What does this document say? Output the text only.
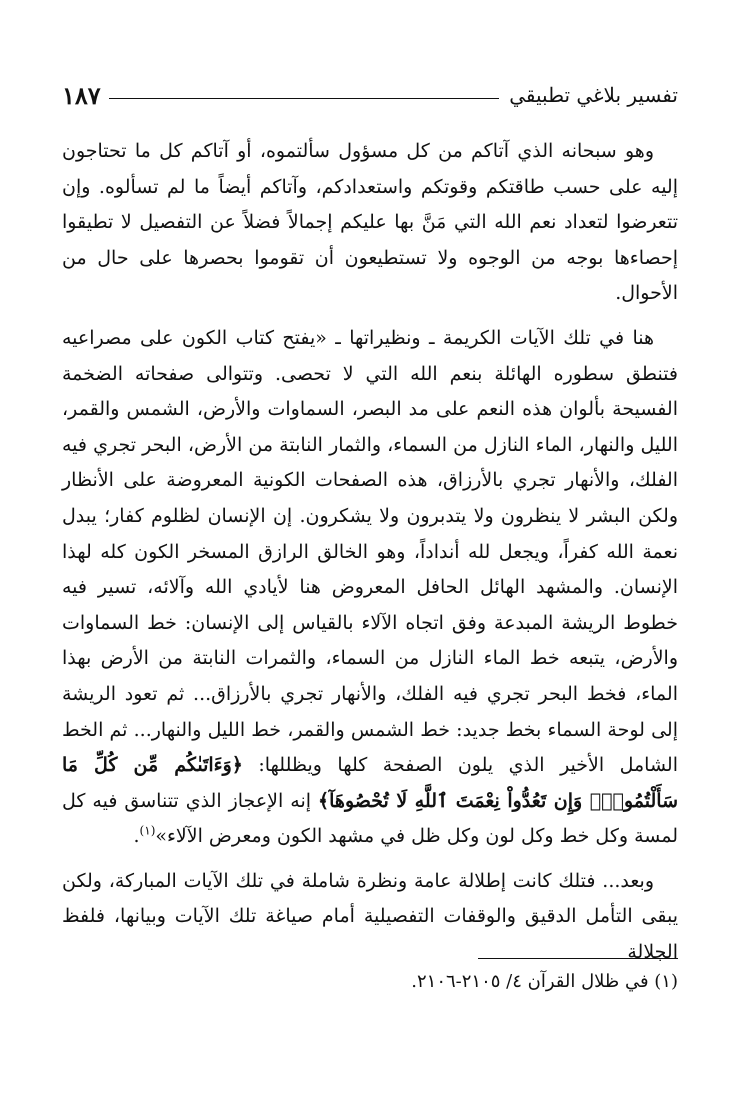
تفسير بلاغي تطبيقي
١٨٧

وهو سبحانه الذي آتاكم من كل مسؤول سألتموه، أو آتاكم كل ما تحتاجون إليه على حسب طاقتكم وقوتكم واستعدادكم، وآتاكم أيضاً ما لم تسألوه. وإن تتعرضوا لتعداد نعم الله التي مَنَّ بها عليكم إجمالاً فضلاً عن التفصيل لا تطيقوا إحصاءها بوجه من الوجوه ولا تستطيعون أن تقوموا بحصرها على حال من الأحوال.

هنا في تلك الآيات الكريمة ـ ونظيراتها ـ «يفتح كتاب الكون على مصراعيه فتنطق سطوره الهائلة بنعم الله التي لا تحصى. وتتوالى صفحاته الضخمة الفسيحة بألوان هذه النعم على مد البصر، السماوات والأرض، الشمس والقمر، الليل والنهار، الماء النازل من السماء، والثمار النابتة من الأرض، البحر تجري فيه الفلك، والأنهار تجري بالأرزاق، هذه الصفحات الكونية المعروضة على الأنظار ولكن البشر لا ينظرون ولا يتدبرون ولا يشكرون. إن الإنسان لظلوم كفار؛ يبدل نعمة الله كفراً، ويجعل لله أنداداً، وهو الخالق الرازق المسخر الكون كله لهذا الإنسان. والمشهد الهائل الحافل المعروض هنا لأيادي الله وآلائه، تسير فيه خطوط الريشة المبدعة وفق اتجاه الآلاء بالقياس إلى الإنسان: خط السماوات والأرض، يتبعه خط الماء النازل من السماء، والثمرات النابتة من الأرض بهذا الماء، فخط البحر تجري فيه الفلك، والأنهار تجري بالأرزاق... ثم تعود الريشة إلى لوحة السماء بخط جديد: خط الشمس والقمر، خط الليل والنهار... ثم الخط الشامل الأخير الذي يلون الصفحة كلها ويظللها: ﴿وَءَاتَىٰكُم مِّن كُلِّ مَا سَأَلْتُمُوهُۚ وَإِن تَعُدُّواْ نِعْمَتَ ٱللَّهِ لَا تُحْصُوهَآ﴾ إنه الإعجاز الذي تتناسق فيه كل لمسة وكل خط وكل لون وكل ظل في مشهد الكون ومعرض الآلاء»$^{(١)}$.

وبعد... فتلك كانت إطلالة عامة ونظرة شاملة في تلك الآيات المباركة، ولكن يبقى التأمل الدقيق والوقفات التفصيلية أمام صياغة تلك الآيات وبيانها، فلفظ الجلالة

(١) في ظلال القرآن ٤/ ٢١٠٥-٢١٠٦.
